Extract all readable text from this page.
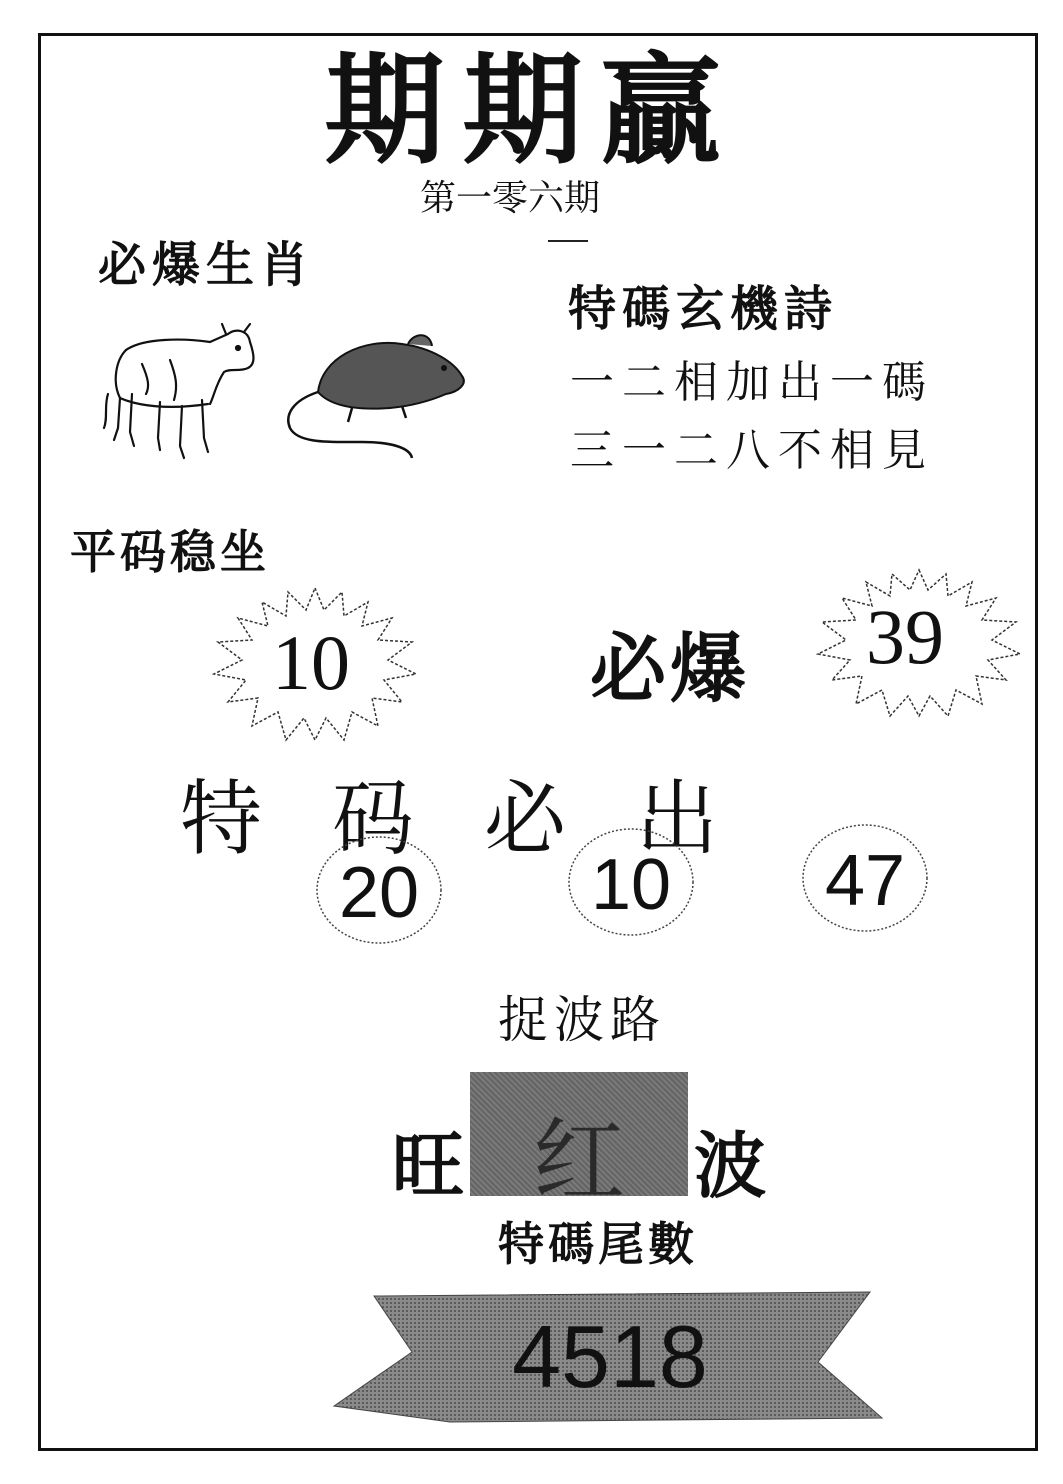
期期贏
第一零六期
必爆生肖
特碼玄機詩
一二相加出一碼
三一二八不相見
平码稳坐
10	必爆 39
特码必出
20	10	47
捉波路
旺 红 波
特碼尾數
4518
